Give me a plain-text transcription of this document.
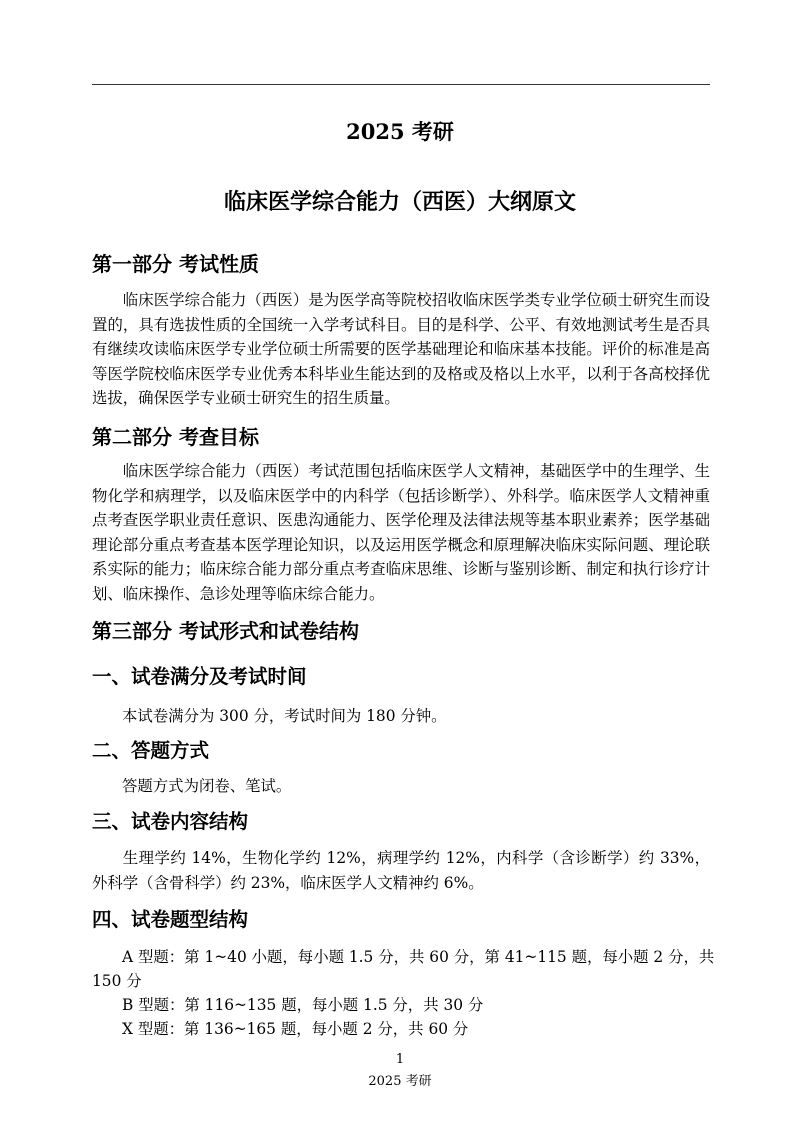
2025 考研
临床医学综合能力（西医）大纲原文
第一部分 考试性质

临床医学综合能力（西医）是为医学高等院校招收临床医学类专业学位硕士研究生而设置的，具有选拔性质的全国统一入学考试科目。目的是科学、公平、有效地测试考生是否具有继续攻读临床医学专业学位硕士所需要的医学基础理论和临床基本技能。评价的标准是高等医学院校临床医学专业优秀本科毕业生能达到的及格或及格以上水平，以利于各高校择优选拔，确保医学专业硕士研究生的招生质量。

第二部分 考查目标

临床医学综合能力（西医）考试范围包括临床医学人文精神，基础医学中的生理学、生物化学和病理学，以及临床医学中的内科学（包括诊断学）、外科学。临床医学人文精神重点考查医学职业责任意识、医患沟通能力、医学伦理及法律法规等基本职业素养；医学基础理论部分重点考查基本医学理论知识，以及运用医学概念和原理解决临床实际问题、理论联系实际的能力；临床综合能力部分重点考查临床思维、诊断与鉴别诊断、制定和执行诊疗计划、临床操作、急诊处理等临床综合能力。

第三部分 考试形式和试卷结构
一、试卷满分及考试时间
本试卷满分为 300 分，考试时间为 180 分钟。
二、答题方式
答题方式为闭卷、笔试。
三、试卷内容结构

生理学约 14%，生物化学约 12%，病理学约 12%，内科学（含诊断学）约 33%，外科学（含骨科学）约 23%，临床医学人文精神约 6%。

四、试卷题型结构
A 型题：第 1~40 小题，每小题 1.5 分，共 60 分，第 41~115 题，每小题 2 分，共
150 分
B 型题：第 116~135 题，每小题 1.5 分，共 30 分
X 型题：第 136~165 题，每小题 2 分，共 60 分
1
2025 考研
